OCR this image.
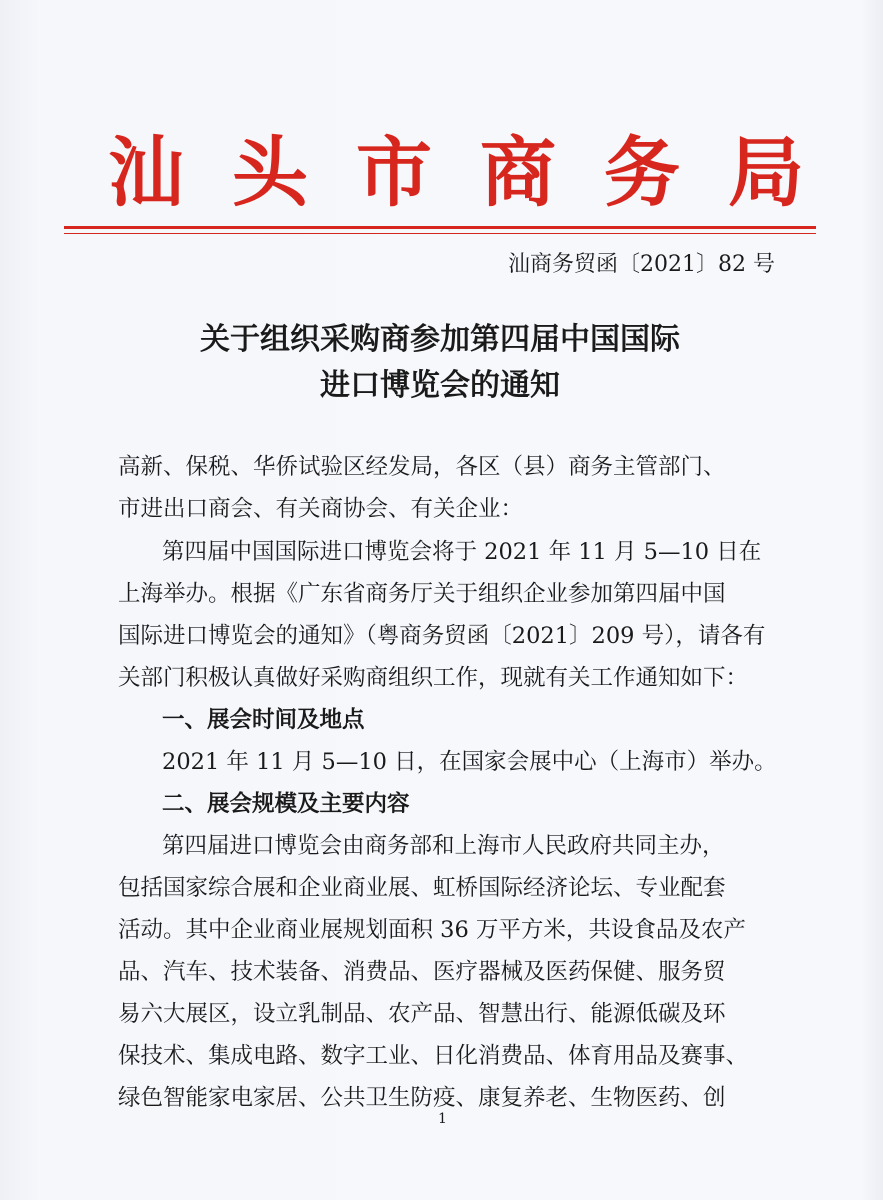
汕头市商务局
汕商务贸函〔2021〕82 号
关于组织采购商参加第四届中国国际
进口博览会的通知
高新、保税、华侨试验区经发局，各区（县）商务主管部门、
市进出口商会、有关商协会、有关企业：
第四届中国国际进口博览会将于 2021 年 11 月 5—10 日在
上海举办。根据《广东省商务厅关于组织企业参加第四届中国
国际进口博览会的通知》（粤商务贸函〔2021〕209 号），请各有
关部门积极认真做好采购商组织工作，现就有关工作通知如下：
一、展会时间及地点
2021 年 11 月 5—10 日，在国家会展中心（上海市）举办。
二、展会规模及主要内容
第四届进口博览会由商务部和上海市人民政府共同主办，
包括国家综合展和企业商业展、虹桥国际经济论坛、专业配套
活动。其中企业商业展规划面积 36 万平方米，共设食品及农产
品、汽车、技术装备、消费品、医疗器械及医药保健、服务贸
易六大展区，设立乳制品、农产品、智慧出行、能源低碳及环
保技术、集成电路、数字工业、日化消费品、体育用品及赛事、
绿色智能家电家居、公共卫生防疫、康复养老、生物医药、创
1
